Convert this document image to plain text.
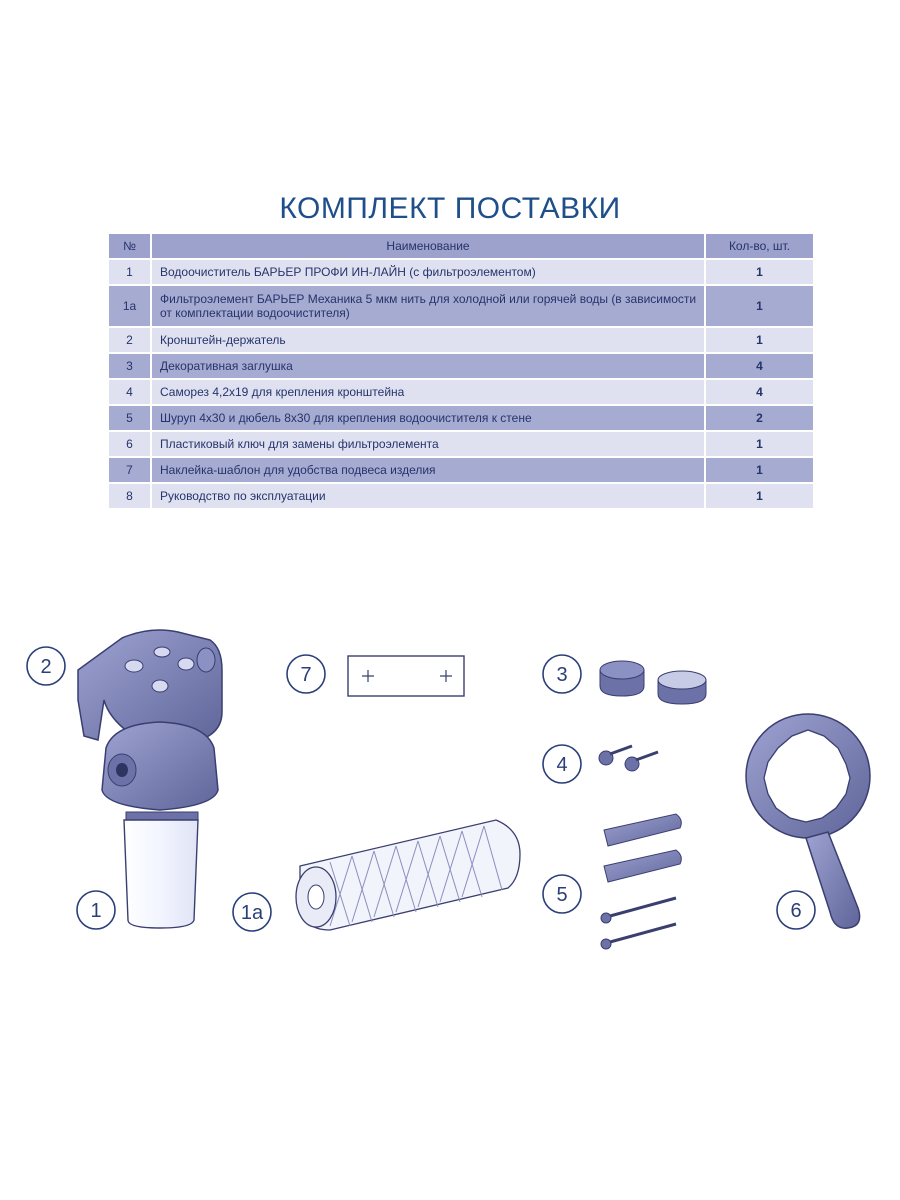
КОМПЛЕКТ ПОСТАВКИ
№	Наименование	Кол-во, шт.
1	Водоочиститель БАРЬЕР ПРОФИ ИН-ЛАЙН (с фильтроэлементом)	1
1а	Фильтроэлемент БАРЬЕР Механика 5 мкм нить для холодной или горячей воды (в зависимости от комплектации водоочистителя)	1
2	Кронштейн-держатель	1
3	Декоративная заглушка	4
4	Саморез 4,2х19 для крепления кронштейна	4
5	Шуруп 4х30 и дюбель 8х30 для крепления водоочистителя к стене	2
6	Пластиковый ключ для замены фильтроэлемента	1
7	Наклейка-шаблон для удобства подвеса изделия	1
8	Руководство по эксплуатации	1
2
1
7
1а
3
4
5
6
